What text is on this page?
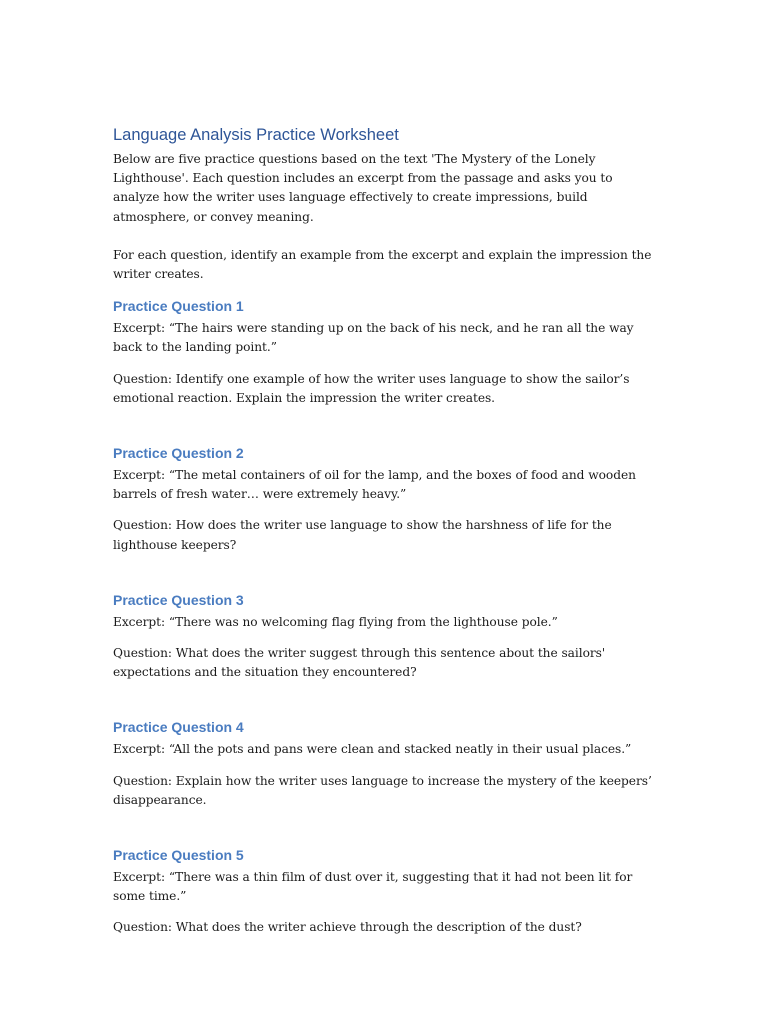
Language Analysis Practice Worksheet

Below are five practice questions based on the text 'The Mystery of the Lonely Lighthouse'. Each question includes an excerpt from the passage and asks you to analyze how the writer uses language effectively to create impressions, build atmosphere, or convey meaning.

For each question, identify an example from the excerpt and explain the impression the writer creates.

Practice Question 1

Excerpt: “The hairs were standing up on the back of his neck, and he ran all the way back to the landing point.”

Question: Identify one example of how the writer uses language to show the sailor’s emotional reaction. Explain the impression the writer creates.

Practice Question 2

Excerpt: “The metal containers of oil for the lamp, and the boxes of food and wooden barrels of fresh water… were extremely heavy.”

Question: How does the writer use language to show the harshness of life for the lighthouse keepers?

Practice Question 3

Excerpt: “There was no welcoming flag flying from the lighthouse pole.”

Question: What does the writer suggest through this sentence about the sailors' expectations and the situation they encountered?

Practice Question 4

Excerpt: “All the pots and pans were clean and stacked neatly in their usual places.”

Question: Explain how the writer uses language to increase the mystery of the keepers’ disappearance.

Practice Question 5

Excerpt: “There was a thin film of dust over it, suggesting that it had not been lit for some time.”

Question: What does the writer achieve through the description of the dust?
